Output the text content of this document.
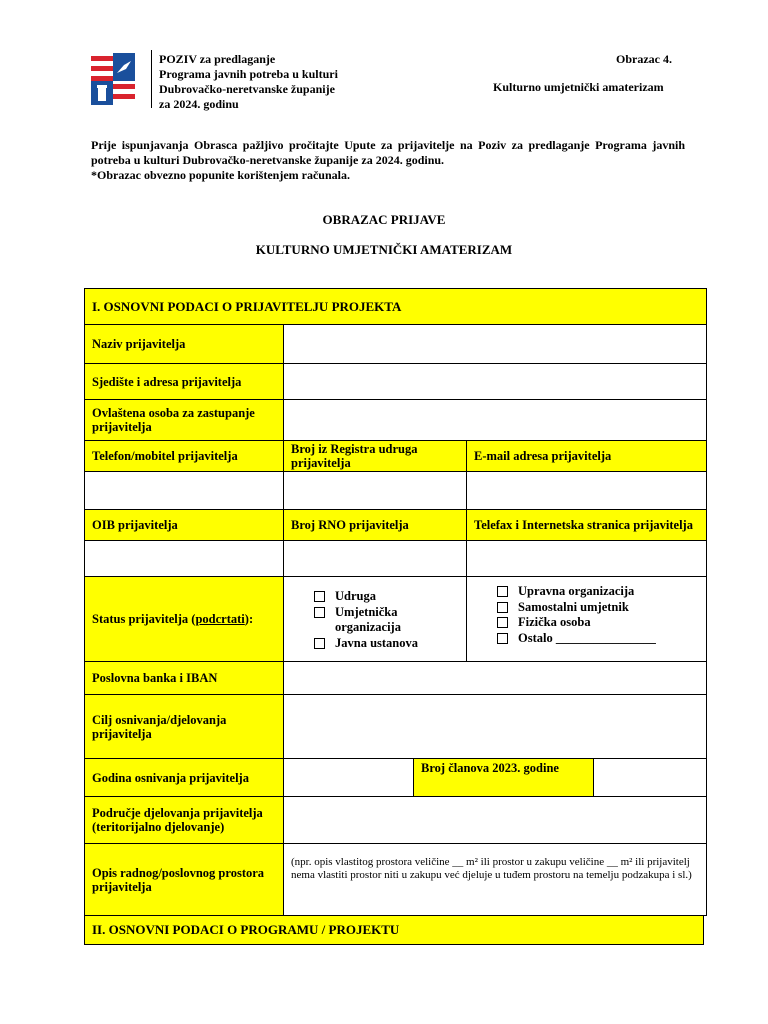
POZIV za predlaganje
Programa javnih potreba u kulturi
Dubrovačko-neretvanske županije
za 2024. godinu
Obrazac 4.
Kulturno umjetnički amaterizam
Prije ispunjavanja Obrasca pažljivo pročitajte Upute za prijavitelje na Poziv za predlaganje Programa javnih potreba u kulturi Dubrovačko-neretvanske županije za 2024. godinu.
*Obrazac obvezno popunite korištenjem računala.
OBRAZAC PRIJAVE
KULTURNO UMJETNIČKI AMATERIZAM
I. OSNOVNI PODACI O PRIJAVITELJU PROJEKTA
Naziv prijavitelja
Sjedište i adresa prijavitelja
Ovlaštena osoba za zastupanje prijavitelja
Telefon/mobitel prijavitelja	Broj iz Registra udruga prijavitelja	E-mail adresa prijavitelja
OIB prijavitelja	Broj RNO prijavitelja	Telefax i Internetska stranica prijavitelja
Status prijavitelja (podcrtati):
Udruga
Umjetnička organizacija
Javna ustanova
Upravna organizacija
Samostalni umjetnik
Fizička osoba
Ostalo ________________
Poslovna banka i IBAN
Cilj osnivanja/djelovanja prijavitelja
Godina osnivanja prijavitelja
Broj članova 2023. godine
Područje djelovanja prijavitelja (teritorijalno djelovanje)
Opis radnog/poslovnog prostora prijavitelja
(npr. opis vlastitog prostora veličine __ m² ili prostor u zakupu veličine __ m² ili prijavitelj nema vlastiti prostor niti u zakupu već djeluje u tuđem prostoru na temelju podzakupa i sl.)
II. OSNOVNI PODACI O PROGRAMU / PROJEKTU
